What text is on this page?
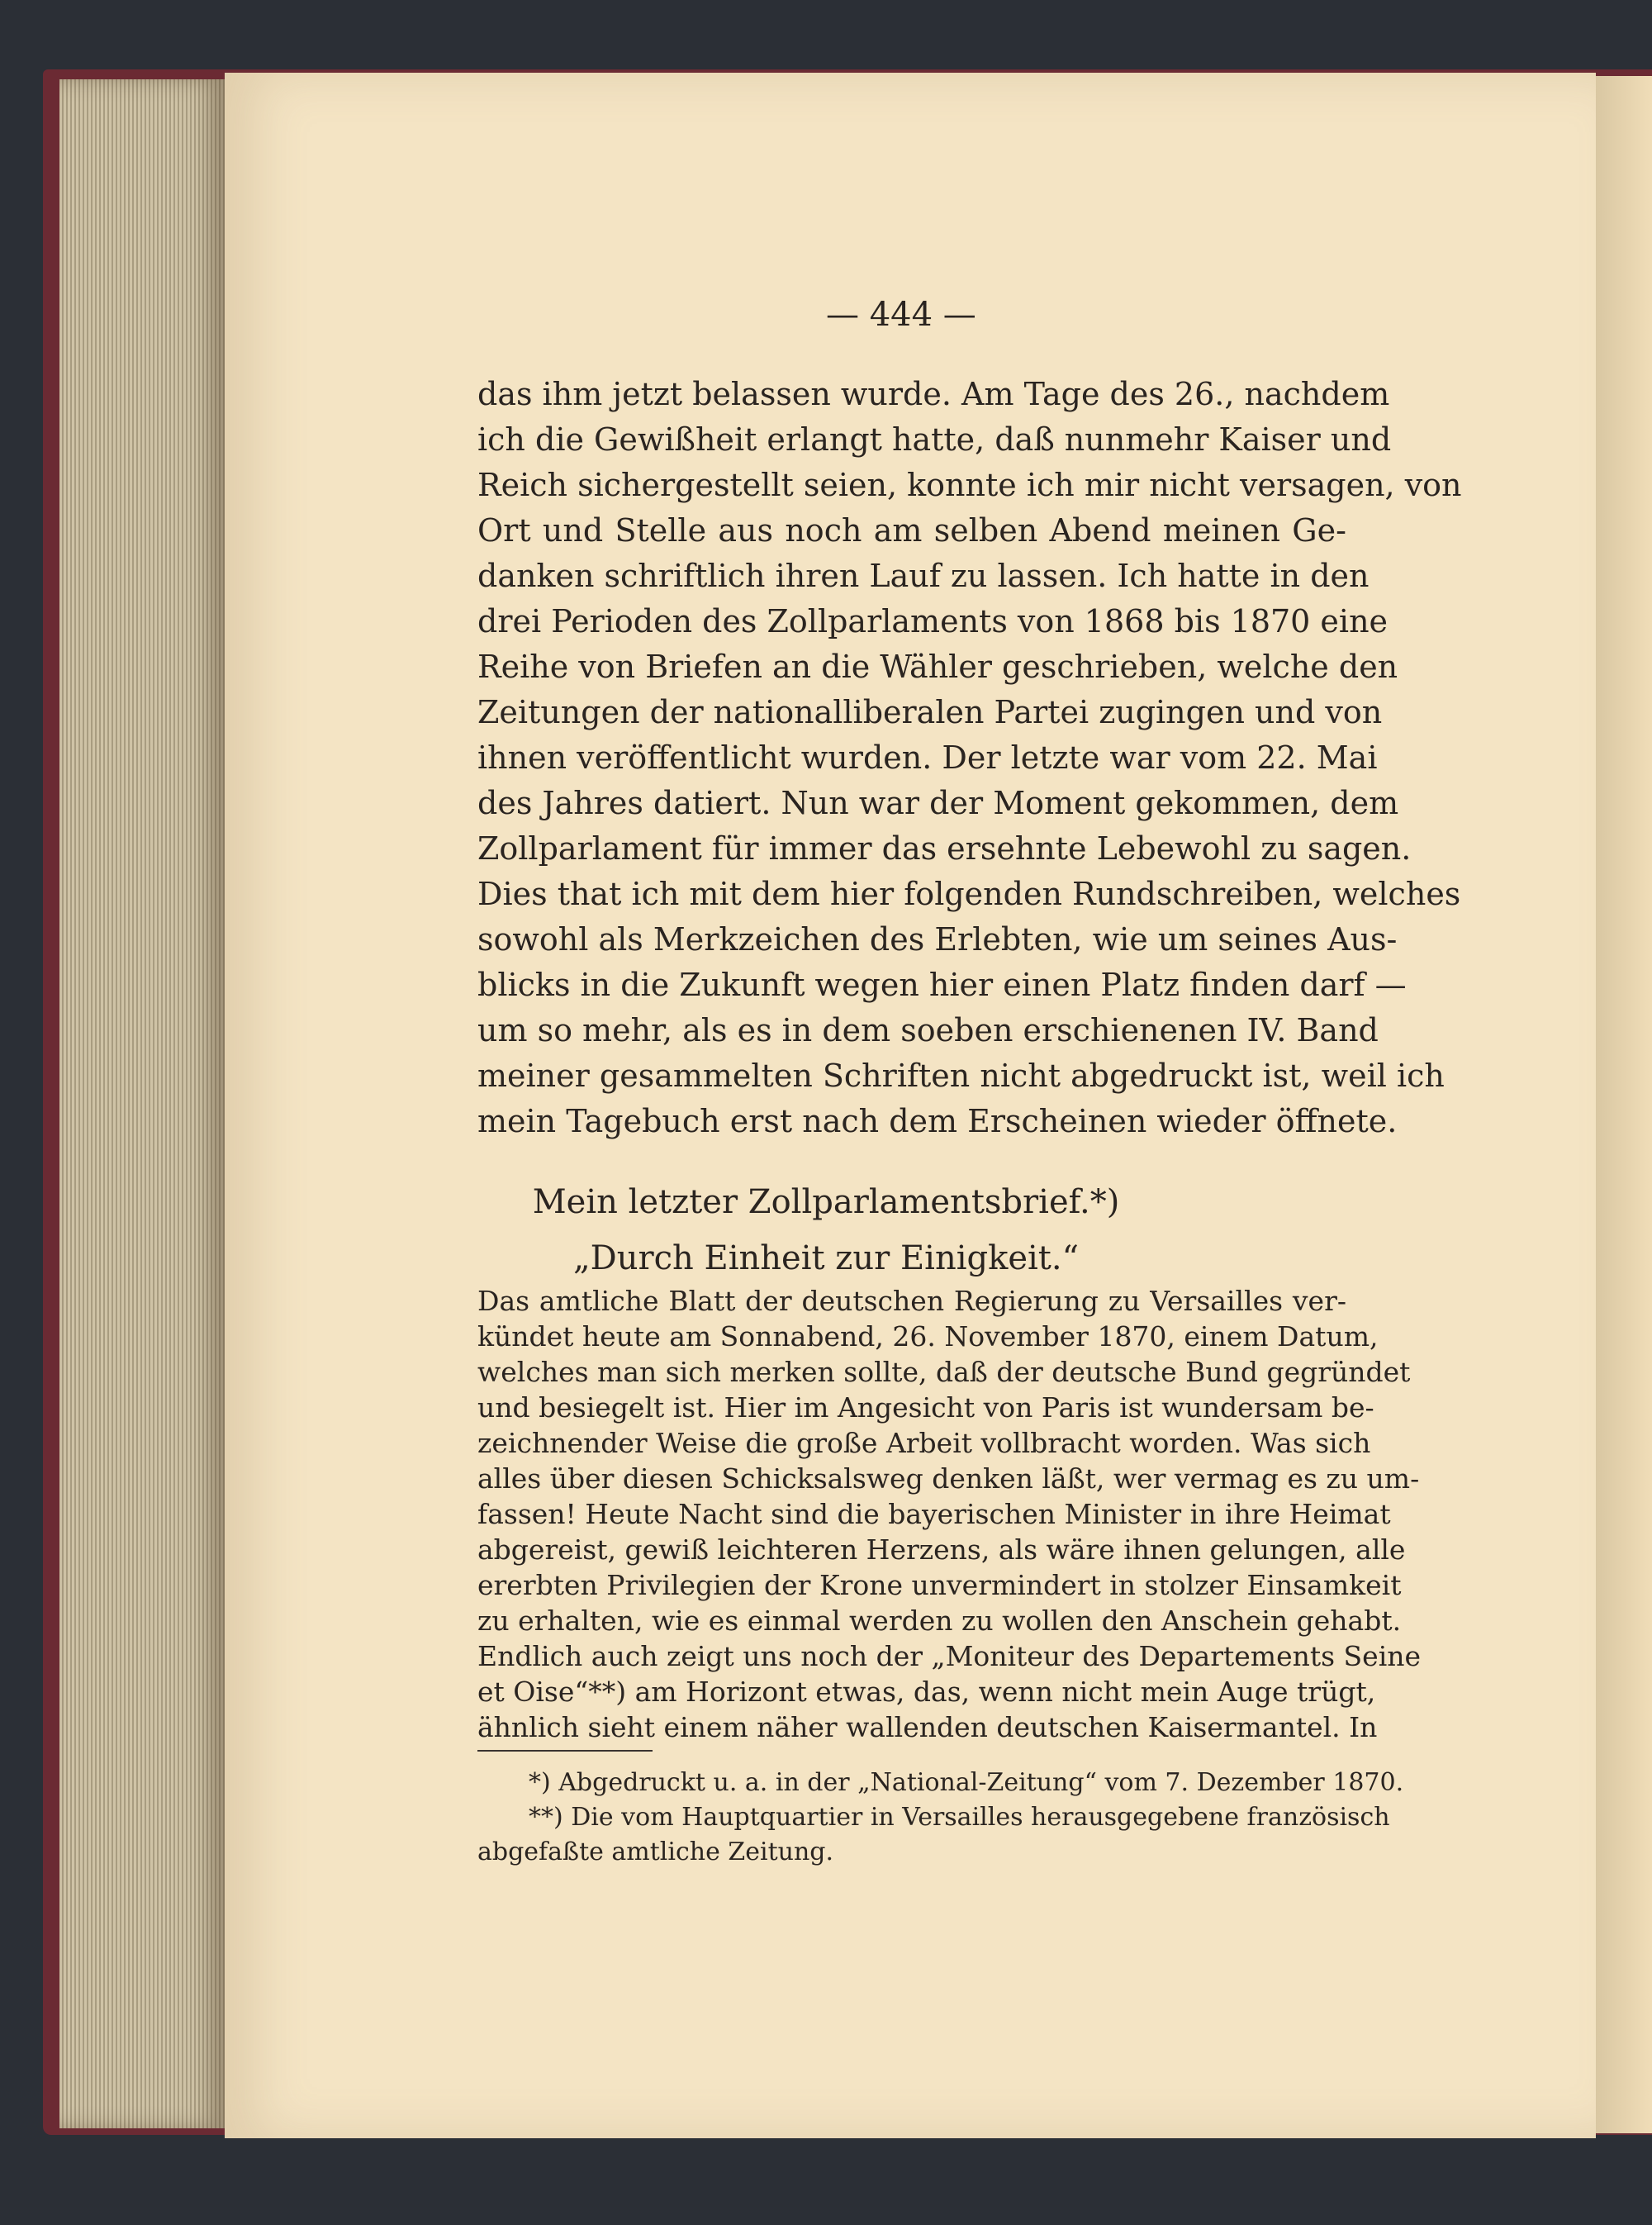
— 444 —
das ihm jetzt belassen wurde. Am Tage des 26., nachdem
ich die Gewißheit erlangt hatte, daß nunmehr Kaiser und
Reich sichergestellt seien, konnte ich mir nicht versagen, von
Ort und Stelle aus noch am selben Abend meinen Ge-
danken schriftlich ihren Lauf zu lassen. Ich hatte in den
drei Perioden des Zollparlaments von 1868 bis 1870 eine
Reihe von Briefen an die Wähler geschrieben, welche den
Zeitungen der nationalliberalen Partei zugingen und von
ihnen veröffentlicht wurden. Der letzte war vom 22. Mai
des Jahres datiert. Nun war der Moment gekommen, dem
Zollparlament für immer das ersehnte Lebewohl zu sagen.
Dies that ich mit dem hier folgenden Rundschreiben, welches
sowohl als Merkzeichen des Erlebten, wie um seines Aus-
blicks in die Zukunft wegen hier einen Platz finden darf —
um so mehr, als es in dem soeben erschienenen IV. Band
meiner gesammelten Schriften nicht abgedruckt ist, weil ich
mein Tagebuch erst nach dem Erscheinen wieder öffnete.
Mein letzter Zollparlamentsbrief.*)
„Durch Einheit zur Einigkeit.“
Das amtliche Blatt der deutschen Regierung zu Versailles ver-
kündet heute am Sonnabend, 26. November 1870, einem Datum,
welches man sich merken sollte, daß der deutsche Bund gegründet
und besiegelt ist. Hier im Angesicht von Paris ist wundersam be-
zeichnender Weise die große Arbeit vollbracht worden. Was sich
alles über diesen Schicksalsweg denken läßt, wer vermag es zu um-
fassen! Heute Nacht sind die bayerischen Minister in ihre Heimat
abgereist, gewiß leichteren Herzens, als wäre ihnen gelungen, alle
ererbten Privilegien der Krone unvermindert in stolzer Einsamkeit
zu erhalten, wie es einmal werden zu wollen den Anschein gehabt.
Endlich auch zeigt uns noch der „Moniteur des Departements Seine
et Oise“**) am Horizont etwas, das, wenn nicht mein Auge trügt,
ähnlich sieht einem näher wallenden deutschen Kaisermantel. In
*) Abgedruckt u. a. in der „National-Zeitung“ vom 7. Dezember 1870.
**) Die vom Hauptquartier in Versailles herausgegebene französisch
abgefaßte amtliche Zeitung.
